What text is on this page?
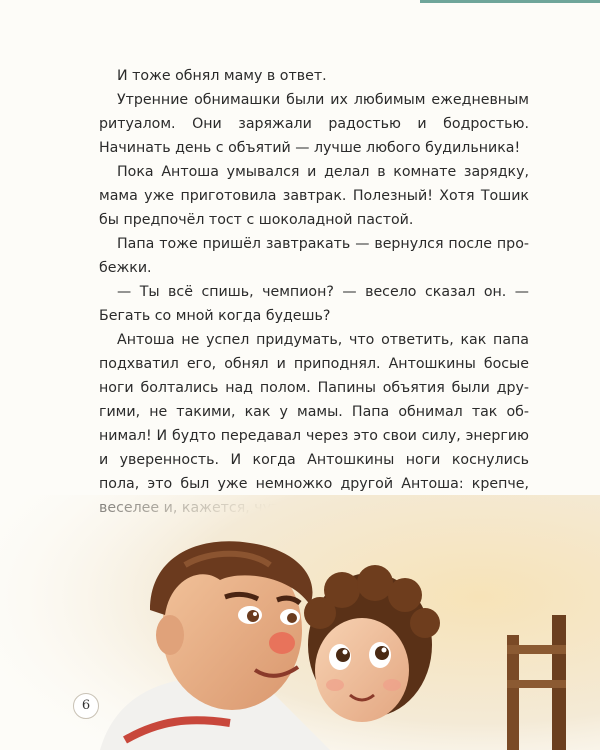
И тоже обнял маму в ответ.

Утренние обнимашки были их любимым ежедневным ритуалом. Они заряжали радостью и бодростью. Начинать день с объятий — лучше любого будильника!

Пока Антоша умывался и делал в комнате зарядку, мама уже приготовила завтрак. Полезный! Хотя Тошик бы предпочёл тост с шоколадной пастой.

Папа тоже пришёл завтракать — вернулся после пробежки.

— Ты всё спишь, чемпион? — весело сказал он. — Бегать со мной когда будешь?

Антоша не успел придумать, что ответить, как папа подхватил его, обнял и приподнял. Антошкины босые ноги болтались над полом. Папины объятия были другими, не такими, как у мамы. Папа обнимал так обнимал! И будто передавал через это свои силу, энергию и уверенность. И когда Антошкины ноги коснулись пола, это был уже немножко другой Антоша: крепче,

6
